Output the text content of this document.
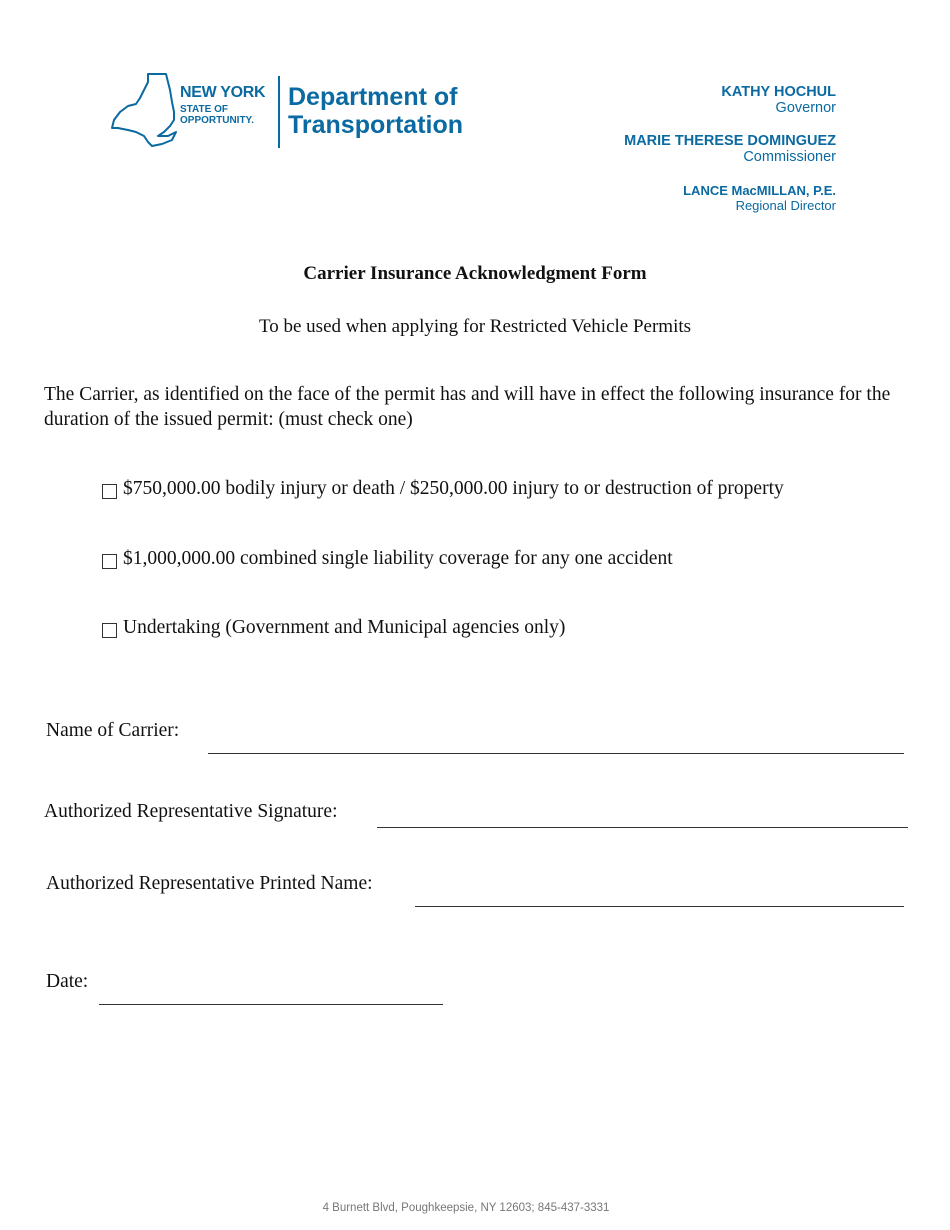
NEW YORK
STATE OF
OPPORTUNITY.
Department of
Transportation
KATHY HOCHUL
Governor
MARIE THERESE DOMINGUEZ
Commissioner
LANCE MacMILLAN, P.E.
Regional Director
Carrier Insurance Acknowledgment Form
To be used when applying for Restricted Vehicle Permits
The Carrier, as identified on the face of the permit has and will have in effect the following insurance for the duration of the issued permit: (must check one)
$750,000.00 bodily injury or death / $250,000.00 injury to or destruction of property
$1,000,000.00 combined single liability coverage for any one accident
Undertaking (Government and Municipal agencies only)
Name of Carrier:
Authorized Representative Signature:
Authorized Representative Printed Name:
Date:
4 Burnett Blvd, Poughkeepsie, NY 12603; 845-437-3331
